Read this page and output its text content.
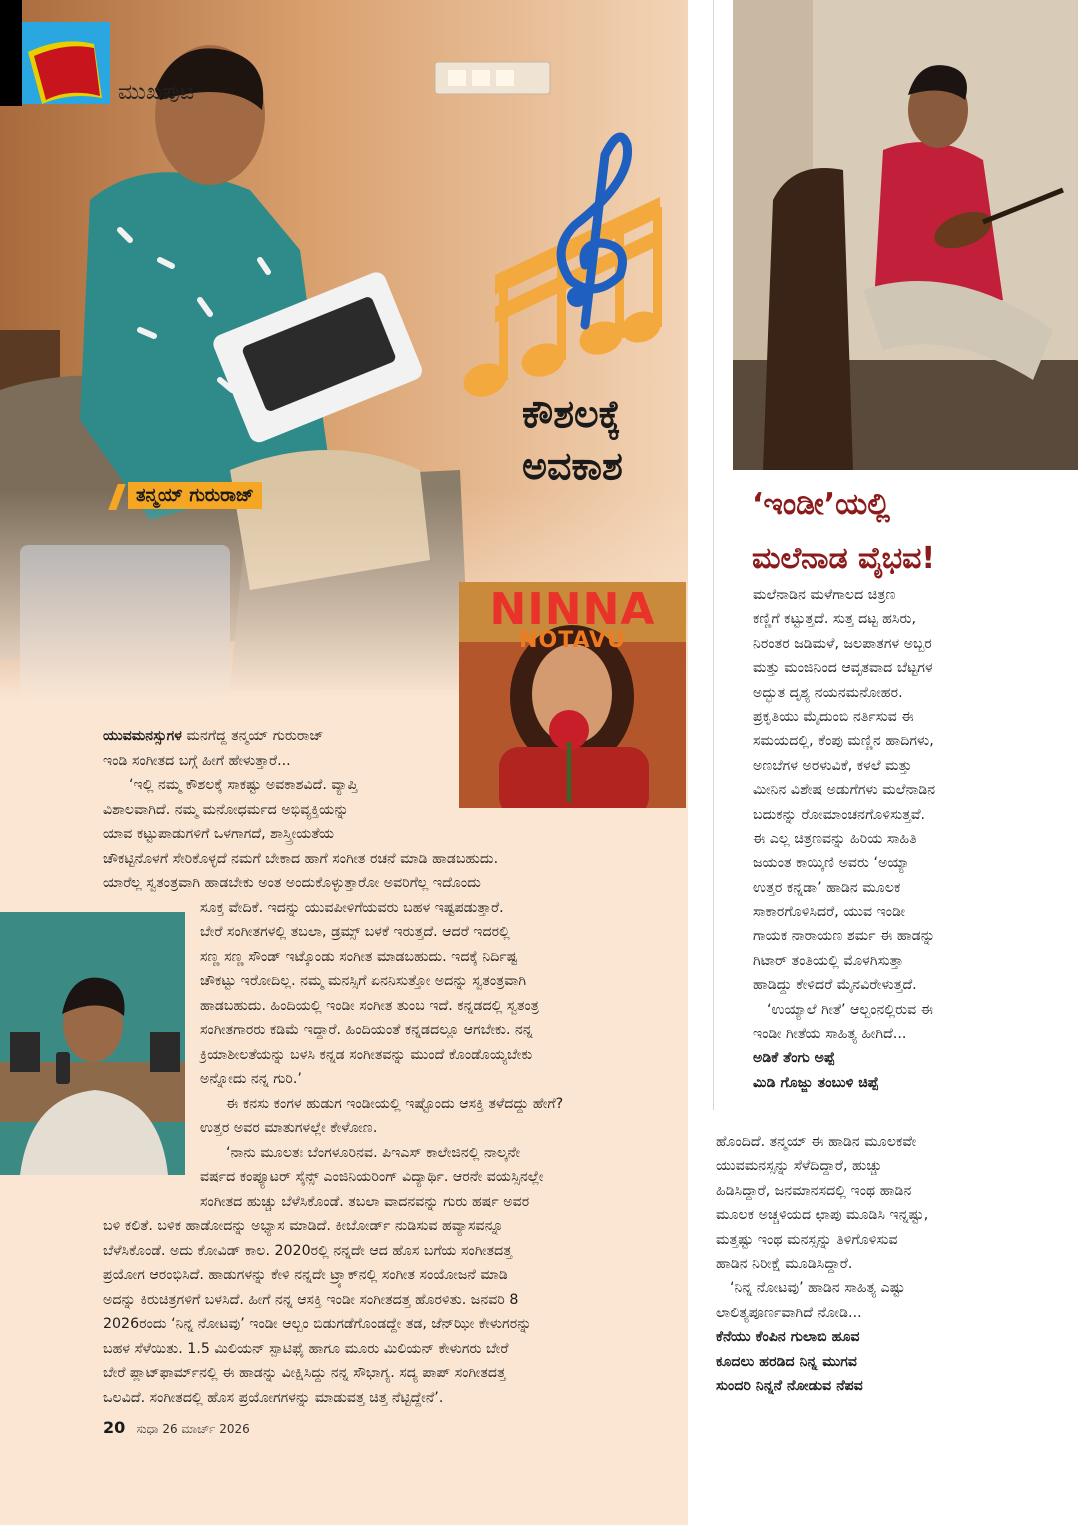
ಮುಖಪುಟ
ಕೌಶಲಕ್ಕೆ
ಅವಕಾಶ
ತನ್ಮಯ್ ಗುರುರಾಜ್
NINNA
NOTAVU
ಯುವಮನಸ್ಸುಗಳ ಮನಗೆದ್ದ ತನ್ಮಯ್ ಗುರುರಾಜ್
ಇಂಡಿ ಸಂಗೀತದ ಬಗ್ಗೆ ಹೀಗೆ ಹೇಳುತ್ತಾರೆ...
‘ಇಲ್ಲಿ ನಮ್ಮ ಕೌಶಲಕ್ಕೆ ಸಾಕಷ್ಟು ಅವಕಾಶವಿದೆ. ವ್ಯಾಪ್ತಿ
ವಿಶಾಲವಾಗಿದೆ. ನಮ್ಮ ಮನೋಧರ್ಮದ ಅಭಿವ್ಯಕ್ತಿಯನ್ನು
ಯಾವ ಕಟ್ಟುಪಾಡುಗಳಿಗೆ ಒಳಗಾಗದೆ, ಶಾಸ್ತ್ರೀಯತೆಯ
ಚೌಕಟ್ಟಿನೊಳಗೆ ಸೇರಿಕೊಳ್ಳದೆ ನಮಗೆ ಬೇಕಾದ ಹಾಗೆ ಸಂಗೀತ ರಚನೆ ಮಾಡಿ ಹಾಡಬಹುದು.
ಯಾರೆಲ್ಲ ಸ್ವತಂತ್ರವಾಗಿ ಹಾಡಬೇಕು ಅಂತ ಅಂದುಕೊಳ್ಳುತ್ತಾರೋ ಅವರಿಗೆಲ್ಲ ಇದೊಂದು
ಸೂಕ್ತ ವೇದಿಕೆ. ಇದನ್ನು ಯುವಪೀಳಿಗೆಯವರು ಬಹಳ ಇಷ್ಟಪಡುತ್ತಾರೆ.
ಬೇರೆ ಸಂಗೀತಗಳಲ್ಲಿ ತಬಲಾ, ಡ್ರಮ್ಸ್ ಬಳಕೆ ಇರುತ್ತದೆ. ಆದರೆ ಇದರಲ್ಲಿ
ಸಣ್ಣ ಸಣ್ಣ ಸೌಂಡ್ ಇಟ್ಕೊಂಡು ಸಂಗೀತ ಮಾಡಬಹುದು. ಇದಕ್ಕೆ ನಿರ್ದಿಷ್ಟ
ಚೌಕಟ್ಟು ಇರೋದಿಲ್ಲ. ನಮ್ಮ ಮನಸ್ಸಿಗೆ ಏನನಿಸುತ್ತೋ ಅದನ್ನು ಸ್ವತಂತ್ರವಾಗಿ
ಹಾಡಬಹುದು. ಹಿಂದಿಯಲ್ಲಿ ಇಂಡೀ ಸಂಗೀತ ತುಂಬ ಇದೆ. ಕನ್ನಡದಲ್ಲಿ ಸ್ವತಂತ್ರ
ಸಂಗೀತಗಾರರು ಕಡಿಮೆ ಇದ್ದಾರೆ. ಹಿಂದಿಯಂತೆ ಕನ್ನಡದಲ್ಲೂ ಆಗಬೇಕು. ನನ್ನ
ಕ್ರಿಯಾಶೀಲತೆಯನ್ನು ಬಳಸಿ ಕನ್ನಡ ಸಂಗೀತವನ್ನು ಮುಂದೆ ಕೊಂಡೊಯ್ಯಬೇಕು
ಅನ್ನೋದು ನನ್ನ ಗುರಿ.’
ಈ ಕನಸು ಕಂಗಳ ಹುಡುಗ ಇಂಡೀಯಲ್ಲಿ ಇಷ್ಟೊಂದು ಆಸಕ್ತಿ ತಳೆದದ್ದು ಹೇಗೆ?
ಉತ್ತರ ಅವರ ಮಾತುಗಳಲ್ಲೇ ಕೇಳೋಣ.
‘ನಾನು ಮೂಲತಃ ಬೆಂಗಳೂರಿನವ. ಪಿಇಎಸ್ ಕಾಲೇಜಿನಲ್ಲಿ ನಾಲ್ಕನೇ
ವರ್ಷದ ಕಂಪ್ಯೂಟರ್ ಸೈನ್ಸ್ ಎಂಜಿನಿಯರಿಂಗ್ ವಿದ್ಯಾರ್ಥಿ. ಆರನೇ ವಯಸ್ಸಿನಲ್ಲೇ
ಸಂಗೀತದ ಹುಚ್ಚು ಬೆಳೆಸಿಕೊಂಡೆ. ತಬಲಾ ವಾದನವನ್ನು ಗುರು ಹರ್ಷ ಅವರ
ಬಳಿ ಕಲಿತೆ. ಬಳಿಕ ಹಾಡೋದನ್ನು ಅಭ್ಯಾಸ ಮಾಡಿದೆ. ಕೀಬೋರ್ಡ್ ನುಡಿಸುವ ಹವ್ಯಾಸವನ್ನೂ
ಬೆಳೆಸಿಕೊಂಡೆ. ಅದು ಕೋವಿಡ್ ಕಾಲ. 2020ರಲ್ಲಿ ನನ್ನದೇ ಆದ ಹೊಸ ಬಗೆಯ ಸಂಗೀತದತ್ತ
ಪ್ರಯೋಗ ಆರಂಭಿಸಿದೆ. ಹಾಡುಗಳನ್ನು ಕೇಳಿ ನನ್ನದೇ ಟ್ರ್ಯಾಕ್‌ನಲ್ಲಿ ಸಂಗೀತ ಸಂಯೋಜನೆ ಮಾಡಿ
ಅದನ್ನು ಕಿರುಚಿತ್ರಗಳಿಗೆ ಬಳಸಿದೆ. ಹೀಗೆ ನನ್ನ ಆಸಕ್ತಿ ಇಂಡೀ ಸಂಗೀತದತ್ತ ಹೊರಳಿತು. ಜನವರಿ 8
2026ರಂದು ‘ನಿನ್ನ ನೋಟವು’ ಇಂಡೀ ಆಲ್ಬಂ ಬಿಡುಗಡೆಗೊಂಡದ್ದೇ ತಡ, ಜೆನ್‌ಝೀ ಕೇಳುಗರನ್ನು
ಬಹಳ ಸೆಳೆಯಿತು. 1.5 ಮಿಲಿಯನ್ ಸ್ಪಾಟಿಫೈ ಹಾಗೂ ಮೂರು ಮಿಲಿಯನ್ ಕೇಳುಗರು ಬೇರೆ
ಬೇರೆ ಪ್ಲಾಟ್‌ಫಾರ್ಮ್‌ನಲ್ಲಿ ಈ ಹಾಡನ್ನು ವೀಕ್ಷಿಸಿದ್ದು ನನ್ನ ಸೌಭಾಗ್ಯ. ಸದ್ಯ ಪಾಪ್ ಸಂಗೀತದತ್ತ
ಒಲವಿದೆ. ಸಂಗೀತದಲ್ಲಿ ಹೊಸ ಪ್ರಯೋಗಗಳನ್ನು ಮಾಡುವತ್ತ ಚಿತ್ತ ನೆಟ್ಟಿದ್ದೇನೆ’.
20 ಸುಧಾ 26 ಮಾರ್ಚ್ 2026
‘ಇಂಡೀ’ಯಲ್ಲಿ
ಮಲೆನಾಡ ವೈಭವ!
ಮಲೆನಾಡಿನ ಮಳೆಗಾಲದ ಚಿತ್ರಣ
ಕಣ್ಣಿಗೆ ಕಟ್ಟುತ್ತದೆ. ಸುತ್ತ ದಟ್ಟ ಹಸಿರು,
ನಿರಂತರ ಜಡಿಮಳೆ, ಜಲಪಾತಗಳ ಅಬ್ಬರ
ಮತ್ತು ಮಂಜಿನಿಂದ ಆವೃತವಾದ ಬೆಟ್ಟಗಳ
ಅದ್ಭುತ ದೃಶ್ಯ ನಯನಮನೋಹರ.
ಪ್ರಕೃತಿಯು ಮೈದುಂಬಿ ನರ್ತಿಸುವ ಈ
ಸಮಯದಲ್ಲಿ, ಕೆಂಪು ಮಣ್ಣಿನ ಹಾದಿಗಳು,
ಅಣಬೆಗಳ ಅರಳುವಿಕೆ, ಕಳಲೆ ಮತ್ತು
ಮೀನಿನ ವಿಶೇಷ ಅಡುಗೆಗಳು ಮಲೆನಾಡಿನ
ಬದುಕನ್ನು ರೋಮಾಂಚನಗೊಳಿಸುತ್ತವೆ.
ಈ ಎಲ್ಲ ಚಿತ್ರಣವನ್ನು ಹಿರಿಯ ಸಾಹಿತಿ
ಜಯಂತ ಕಾಯ್ಕಿಣಿ ಅವರು ‘ಅಯ್ಯಾ
ಉತ್ತರ ಕನ್ನಡಾ’ ಹಾಡಿನ ಮೂಲಕ
ಸಾಕಾರಗೊಳಿಸಿದರೆ, ಯುವ ಇಂಡೀ
ಗಾಯಕ ನಾರಾಯಣ ಶರ್ಮ ಈ ಹಾಡನ್ನು
ಗಿಟಾರ್ ತಂತಿಯಲ್ಲಿ ಮೊಳಗಿಸುತ್ತಾ
ಹಾಡಿದ್ದು ಕೇಳಿದರೆ ಮೈನವಿರೇಳುತ್ತದೆ.
‘ಉಯ್ಯಾಲೆ ಗೀತೆ’ ಆಲ್ಬಂನಲ್ಲಿರುವ ಈ
ಇಂಡೀ ಗೀತೆಯ ಸಾಹಿತ್ಯ ಹೀಗಿದೆ...
ಅಡಿಕೆ ತೆಂಗು ಅಪ್ಪೆ
ಮಿಡಿ ಗೊಜ್ಜು ತಂಬುಳಿ ಚಿಪ್ಪೆ
ಹೊಂದಿದೆ. ತನ್ಮಯ್ ಈ ಹಾಡಿನ ಮೂಲಕವೇ
ಯುವಮನಸ್ಸನ್ನು ಸೆಳೆದಿದ್ದಾರೆ, ಹುಚ್ಚು
ಹಿಡಿಸಿದ್ದಾರೆ, ಜನಮಾನಸದಲ್ಲಿ ಇಂಥ ಹಾಡಿನ
ಮೂಲಕ ಅಚ್ಚಳಿಯದ ಛಾಪು ಮೂಡಿಸಿ ಇನ್ನಷ್ಟು,
ಮತ್ತಷ್ಟು ಇಂಥ ಮನಸ್ಸನ್ನು ತಿಳಿಗೊಳಿಸುವ
ಹಾಡಿನ ನಿರೀಕ್ಷೆ ಮೂಡಿಸಿದ್ದಾರೆ.
‘ನಿನ್ನ ನೋಟವು’ ಹಾಡಿನ ಸಾಹಿತ್ಯ ಎಷ್ಟು
ಲಾಲಿತ್ಯಪೂರ್ಣವಾಗಿದೆ ನೋಡಿ...
ಕೆನೆಯು ಕೆಂಪಿನ ಗುಲಾಬಿ ಹೂವ
ಕೂದಲು ಹರಡಿದ ನಿನ್ನ ಮುಗವ
ಸುಂದರಿ ನಿನ್ನನೆ ನೋಡುವ ನೆಪವ
